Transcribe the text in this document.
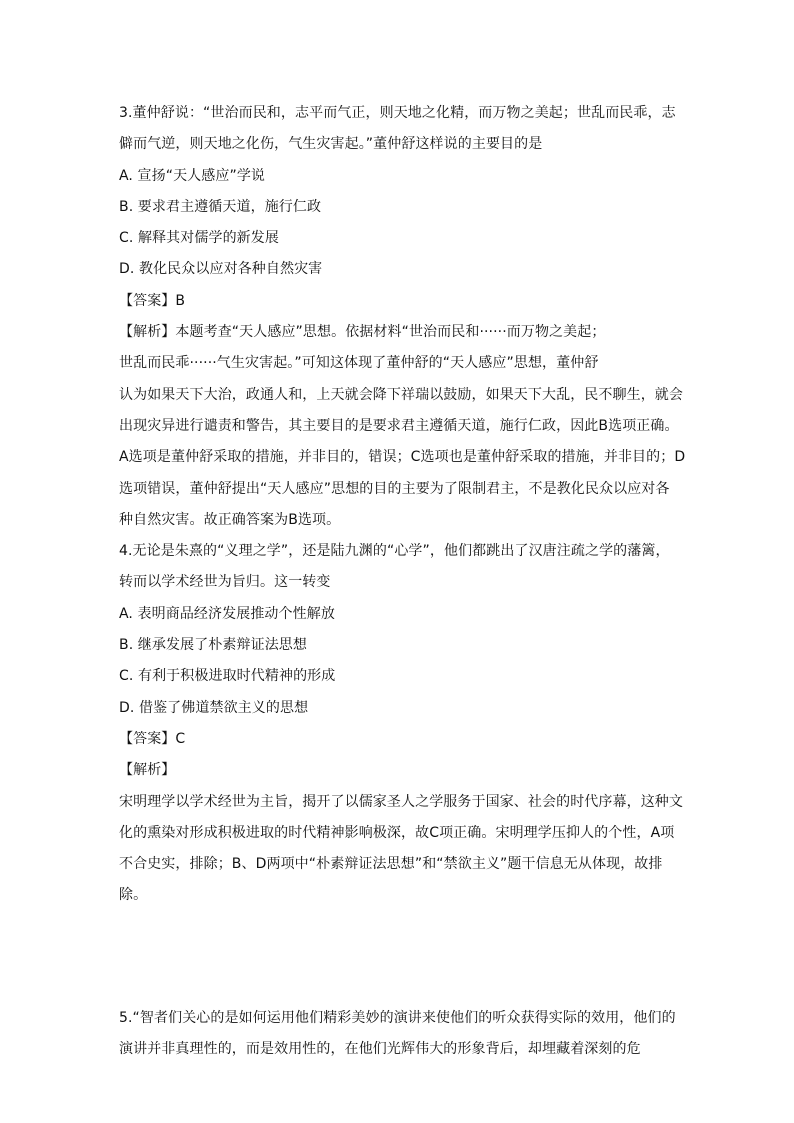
3.董仲舒说：“世治而民和，志平而气正，则天地之化精，而万物之美起；世乱而民乖，志
僻而气逆，则天地之化伤，气生灾害起。”董仲舒这样说的主要目的是
A. 宣扬“天人感应”学说
B. 要求君主遵循天道，施行仁政
C. 解释其对儒学的新发展
D. 教化民众以应对各种自然灾害
【答案】B
【解析】本题考查“天人感应”思想。依据材料“世治而民和······而万物之美起；
世乱而民乖······气生灾害起。”可知这体现了董仲舒的“天人感应”思想，董仲舒
认为如果天下大治，政通人和，上天就会降下祥瑞以鼓励，如果天下大乱，民不聊生，就会
出现灾异进行谴责和警告，其主要目的是要求君主遵循天道，施行仁政，因此B选项正确。
A选项是董仲舒采取的措施，并非目的，错误；C选项也是董仲舒采取的措施，并非目的；D
选项错误，董仲舒提出“天人感应”思想的目的主要为了限制君主，不是教化民众以应对各
种自然灾害。故正确答案为B选项。
4.无论是朱熹的“义理之学”，还是陆九渊的“心学”，他们都跳出了汉唐注疏之学的藩篱，
转而以学术经世为旨归。这一转变
A. 表明商品经济发展推动个性解放
B. 继承发展了朴素辩证法思想
C. 有利于积极进取时代精神的形成
D. 借鉴了佛道禁欲主义的思想
【答案】C
【解析】
宋明理学以学术经世为主旨，揭开了以儒家圣人之学服务于国家、社会的时代序幕，这种文
化的熏染对形成积极进取的时代精神影响极深，故C项正确。宋明理学压抑人的个性，A项
不合史实，排除；B、D两项中“朴素辩证法思想”和“禁欲主义”题干信息无从体现，故排
除。
5.“智者们关心的是如何运用他们精彩美妙的演讲来使他们的听众获得实际的效用，他们的
演讲并非真理性的，而是效用性的，在他们光辉伟大的形象背后，却埋藏着深刻的危
